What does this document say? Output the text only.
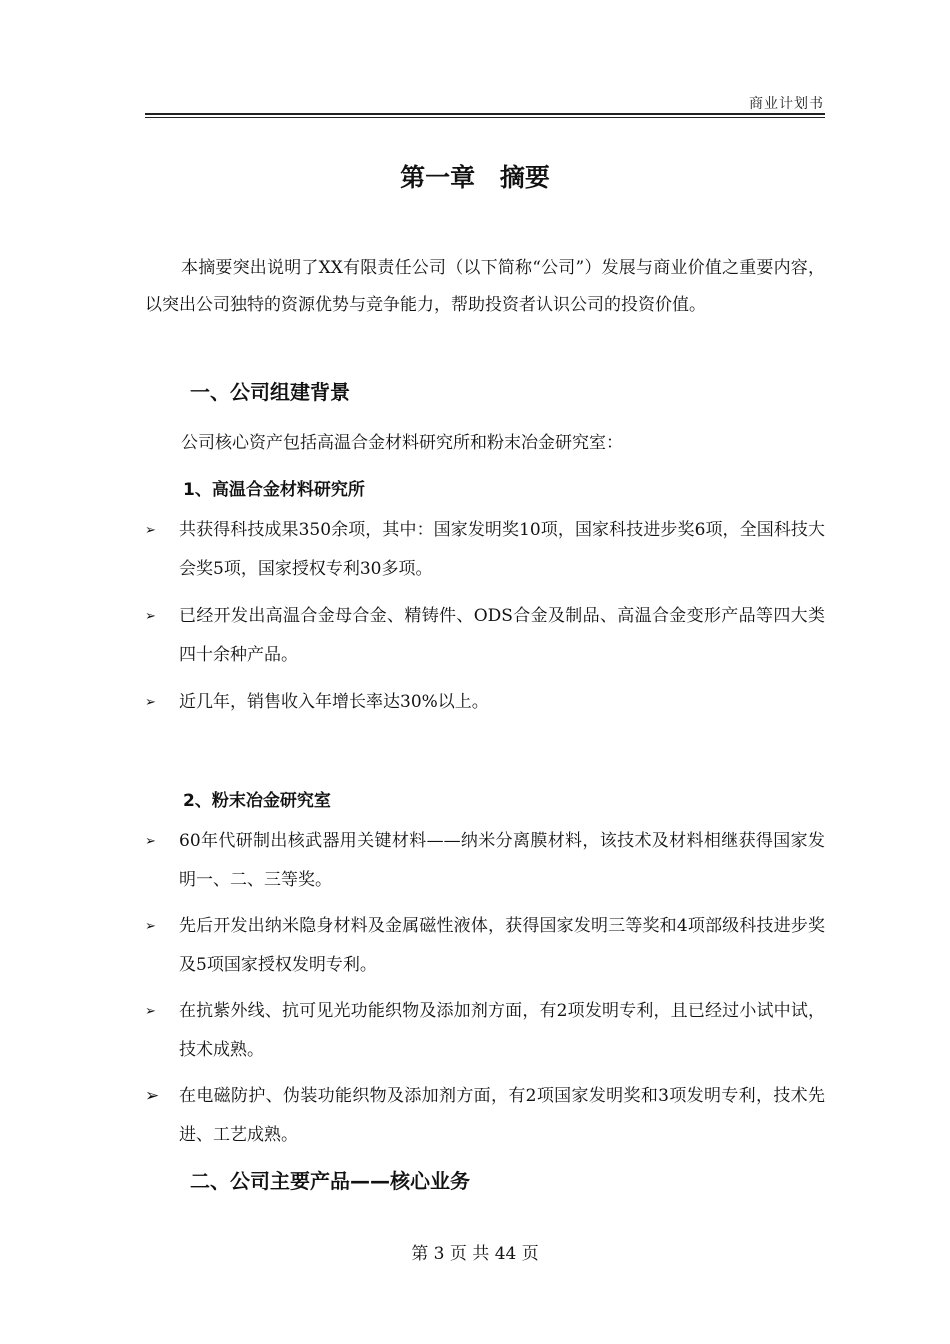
商业计划书
第一章 摘要
本摘要突出说明了XX有限责任公司（以下简称“公司”）发展与商业价值之重要内容，以突出公司独特的资源优势与竞争能力，帮助投资者认识公司的投资价值。
一、公司组建背景
公司核心资产包括高温合金材料研究所和粉末冶金研究室：
1、高温合金材料研究所
➢	共获得科技成果350余项，其中：国家发明奖10项，国家科技进步奖6项，全国科技大会奖5项，国家授权专利30多项。
➢	已经开发出高温合金母合金、精铸件、ODS合金及制品、高温合金变形产品等四大类四十余种产品。
➢	近几年，销售收入年增长率达30%以上。
2、粉末冶金研究室
➢	60年代研制出核武器用关键材料——纳米分离膜材料，该技术及材料相继获得国家发明一、二、三等奖。
➢	先后开发出纳米隐身材料及金属磁性液体，获得国家发明三等奖和4项部级科技进步奖及5项国家授权发明专利。
➢	在抗紫外线、抗可见光功能织物及添加剂方面，有2项发明专利，且已经过小试中试，技术成熟。
➢	在电磁防护、伪装功能织物及添加剂方面，有2项国家发明奖和3项发明专利，技术先进、工艺成熟。
二、公司主要产品——核心业务
第 3 页 共 44 页
